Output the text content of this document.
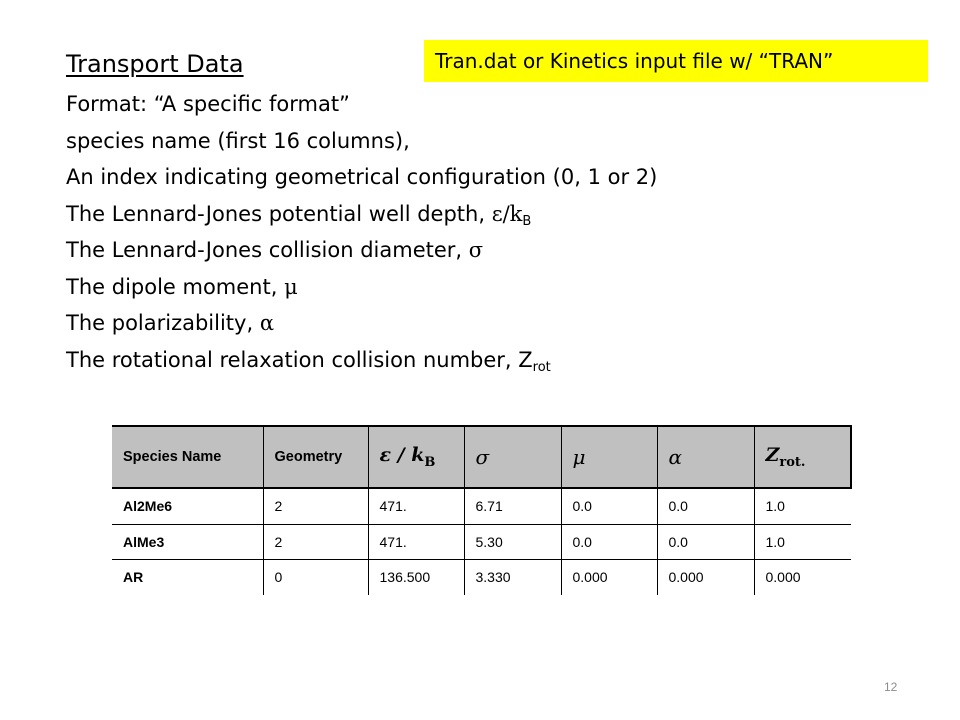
Transport Data	Tran.dat or Kinetics input file w/ “TRAN”
Format: “A specific format”
species name (first 16 columns),
An index indicating geometrical configuration (0, 1 or 2)
The Lennard-Jones potential well depth, $\varepsilon/k_B$
The Lennard-Jones collision diameter, σ
The dipole moment, μ
The polarizability, α
The rotational relaxation collision number, $Z_{rot}$
Species Name	Geometry	ε / kB	σ	μ	α	Zrot.
Al2Me6	2	471.	6.71	0.0	0.0	1.0
AlMe3	2	471.	5.30	0.0	0.0	1.0
AR	0	136.500	3.330	0.000	0.000	0.000
12
